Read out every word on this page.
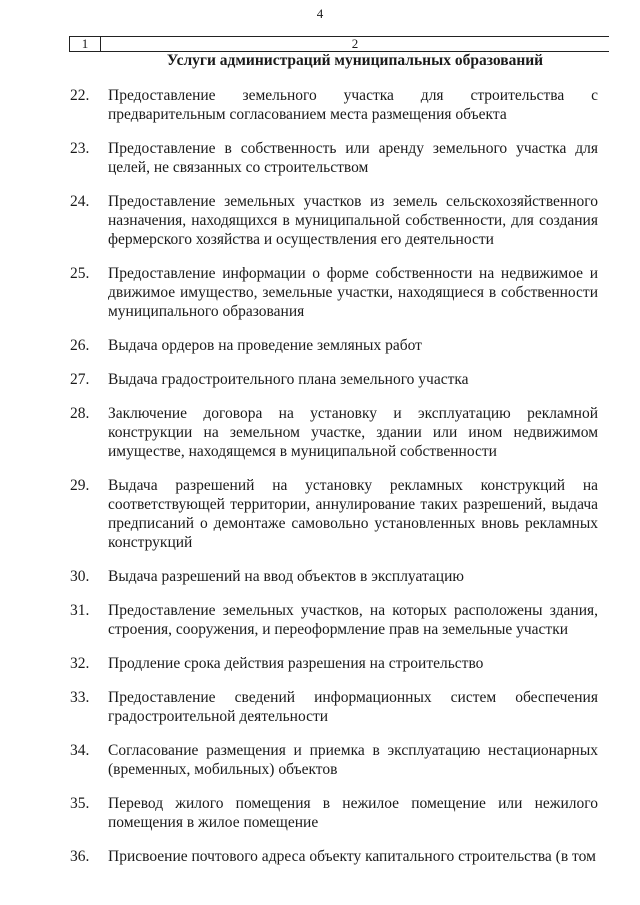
4
1	2
Услуги администраций муниципальных образований
22.	Предоставление земельного участка для строительства с предварительным согласованием места размещения объекта
23.	Предоставление в собственность или аренду земельного участка для целей, не связанных со строительством
24.	Предоставление земельных участков из земель сельскохозяйственного назначения, находящихся в муниципальной собственности, для создания фермерского хозяйства и осуществления его деятельности
25.	Предоставление информации о форме собственности на недвижимое и движимое имущество, земельные участки, находящиеся в собственности муниципального образования
26.	Выдача ордеров на проведение земляных работ
27.	Выдача градостроительного плана земельного участка
28.	Заключение договора на установку и эксплуатацию рекламной конструкции на земельном участке, здании или ином недвижимом имуществе, находящемся в муниципальной собственности
29.	Выдача разрешений на установку рекламных конструкций на соответствующей территории, аннулирование таких разрешений, выдача предписаний о демонтаже самовольно установленных вновь рекламных конструкций
30.	Выдача разрешений на ввод объектов в эксплуатацию
31.	Предоставление земельных участков, на которых расположены здания, строения, сооружения, и переоформление прав на земельные участки
32.	Продление срока действия разрешения на строительство
33.	Предоставление сведений информационных систем обеспечения градостроительной деятельности
34.	Согласование размещения и приемка в эксплуатацию нестационарных (временных, мобильных) объектов
35.	Перевод жилого помещения в нежилое помещение или нежилого помещения в жилое помещение
36.	Присвоение почтового адреса объекту капитального строительства (в том
